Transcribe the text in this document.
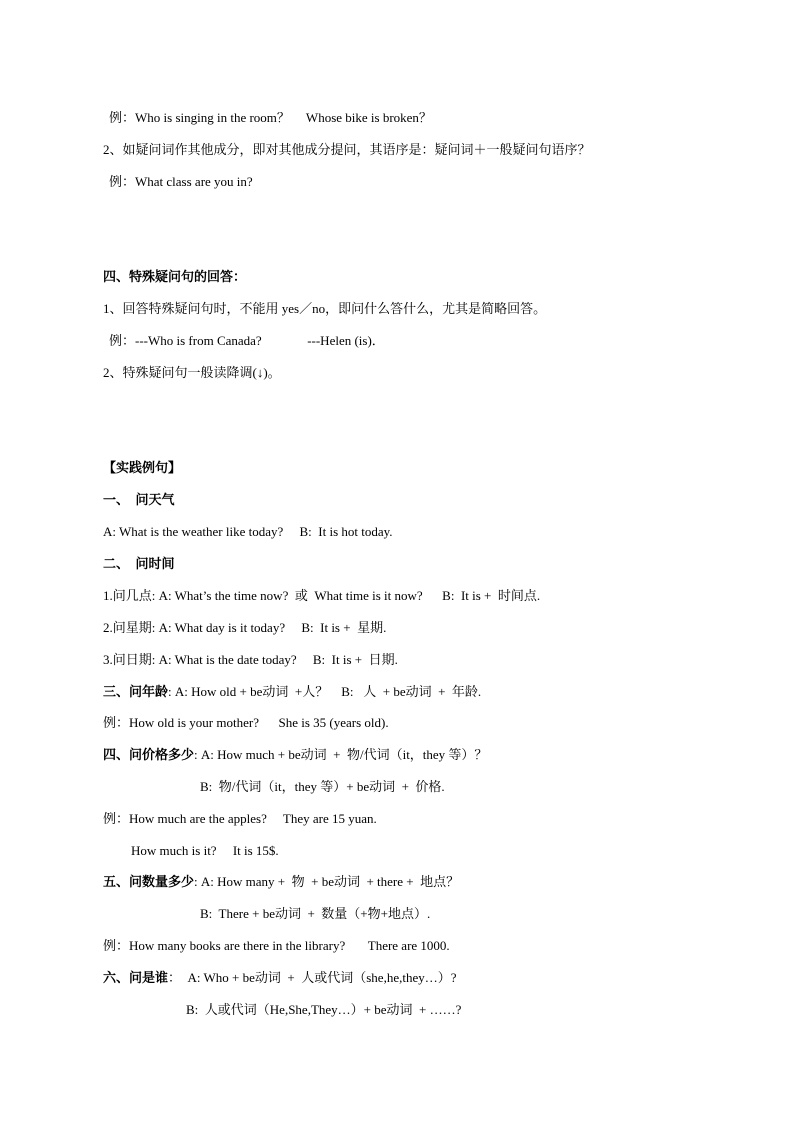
例：Who is singing in the room？     Whose bike is broken？
2、如疑问词作其他成分，即对其他成分提问，其语序是：疑问词＋一般疑问句语序？
例：What class are you in?
四、特殊疑问句的回答：
1、回答特殊疑问句时，不能用 yes／no，即问什么答什么，尤其是简略回答。
例：---Who is from Canada?              ---Helen (is)．
2、特殊疑问句一般读降调(↓)。
【实践例句】
一、  问天气
A: What is the weather like today?     B:  It is hot today.
二、  问时间
1.问几点: A: What’s the time now?  或  What time is it now?      B:  It is +  时间点.
2.问星期: A: What day is it today?     B:  It is +  星期.
3.问日期: A: What is the date today?     B:  It is +  日期.
三、问年龄: A: How old + be动词  +人？    B:   人  + be动词  +  年龄.
例：How old is your mother?      She is 35 (years old).
四、问价格多少: A: How much + be动词  +  物/代词（it，they 等）？
B:  物/代词（it，they 等）+ be动词  +  价格.
例：How much are the apples?     They are 15 yuan.
How much is it?     It is 15$.
五、问数量多少: A: How many +  物  + be动词  + there +  地点？
B:  There + be动词  +  数量（+物+地点）.
例：How many books are there in the library?       There are 1000.
六、问是谁：  A: Who + be动词  +  人或代词（she,he,they…）?
B:  人或代词（He,She,They…）+ be动词  + ……?
